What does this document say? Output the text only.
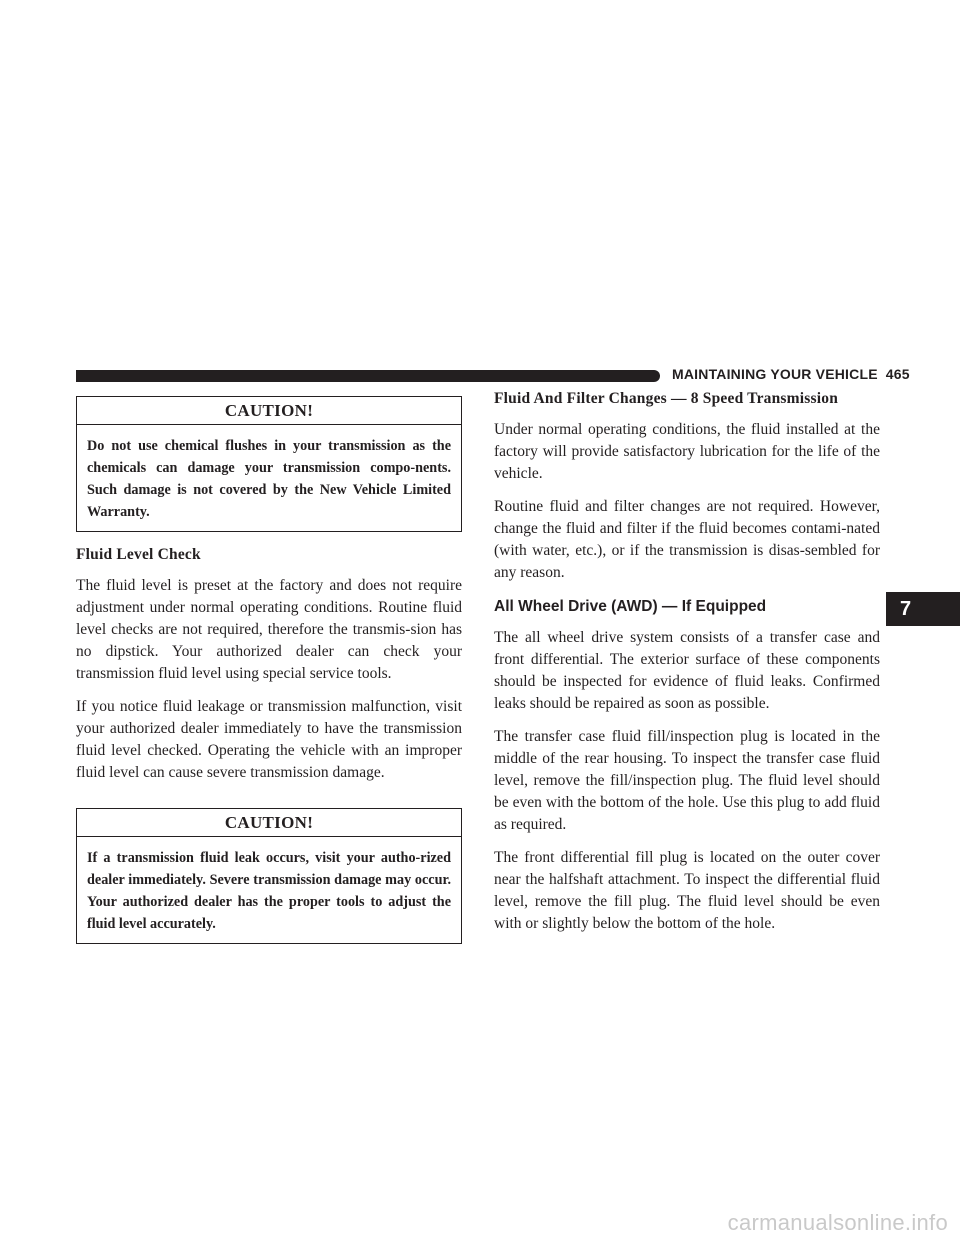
MAINTAINING YOUR VEHICLE 465
CAUTION!
Do not use chemical flushes in your transmission as the chemicals can damage your transmission compo-nents. Such damage is not covered by the New Vehicle Limited Warranty.
Fluid Level Check

The fluid level is preset at the factory and does not require adjustment under normal operating conditions. Routine fluid level checks are not required, therefore the transmis-sion has no dipstick. Your authorized dealer can check your transmission fluid level using special service tools.

If you notice fluid leakage or transmission malfunction, visit your authorized dealer immediately to have the transmission fluid level checked. Operating the vehicle with an improper fluid level can cause severe transmission damage.

CAUTION!
If a transmission fluid leak occurs, visit your autho-rized dealer immediately. Severe transmission damage may occur. Your authorized dealer has the proper tools to adjust the fluid level accurately.
Fluid And Filter Changes — 8 Speed Transmission

Under normal operating conditions, the fluid installed at the factory will provide satisfactory lubrication for the life of the vehicle.

Routine fluid and filter changes are not required. However, change the fluid and filter if the fluid becomes contami-nated (with water, etc.), or if the transmission is disas-sembled for any reason.

All Wheel Drive (AWD) — If Equipped

The all wheel drive system consists of a transfer case and front differential. The exterior surface of these components should be inspected for evidence of fluid leaks. Confirmed leaks should be repaired as soon as possible.

The transfer case fluid fill/inspection plug is located in the middle of the rear housing. To inspect the transfer case fluid level, remove the fill/inspection plug. The fluid level should be even with the bottom of the hole. Use this plug to add fluid as required.

The front differential fill plug is located on the outer cover near the halfshaft attachment. To inspect the differential fluid level, remove the fill plug. The fluid level should be even with or slightly below the bottom of the hole.

7
carmanualsonline.info
